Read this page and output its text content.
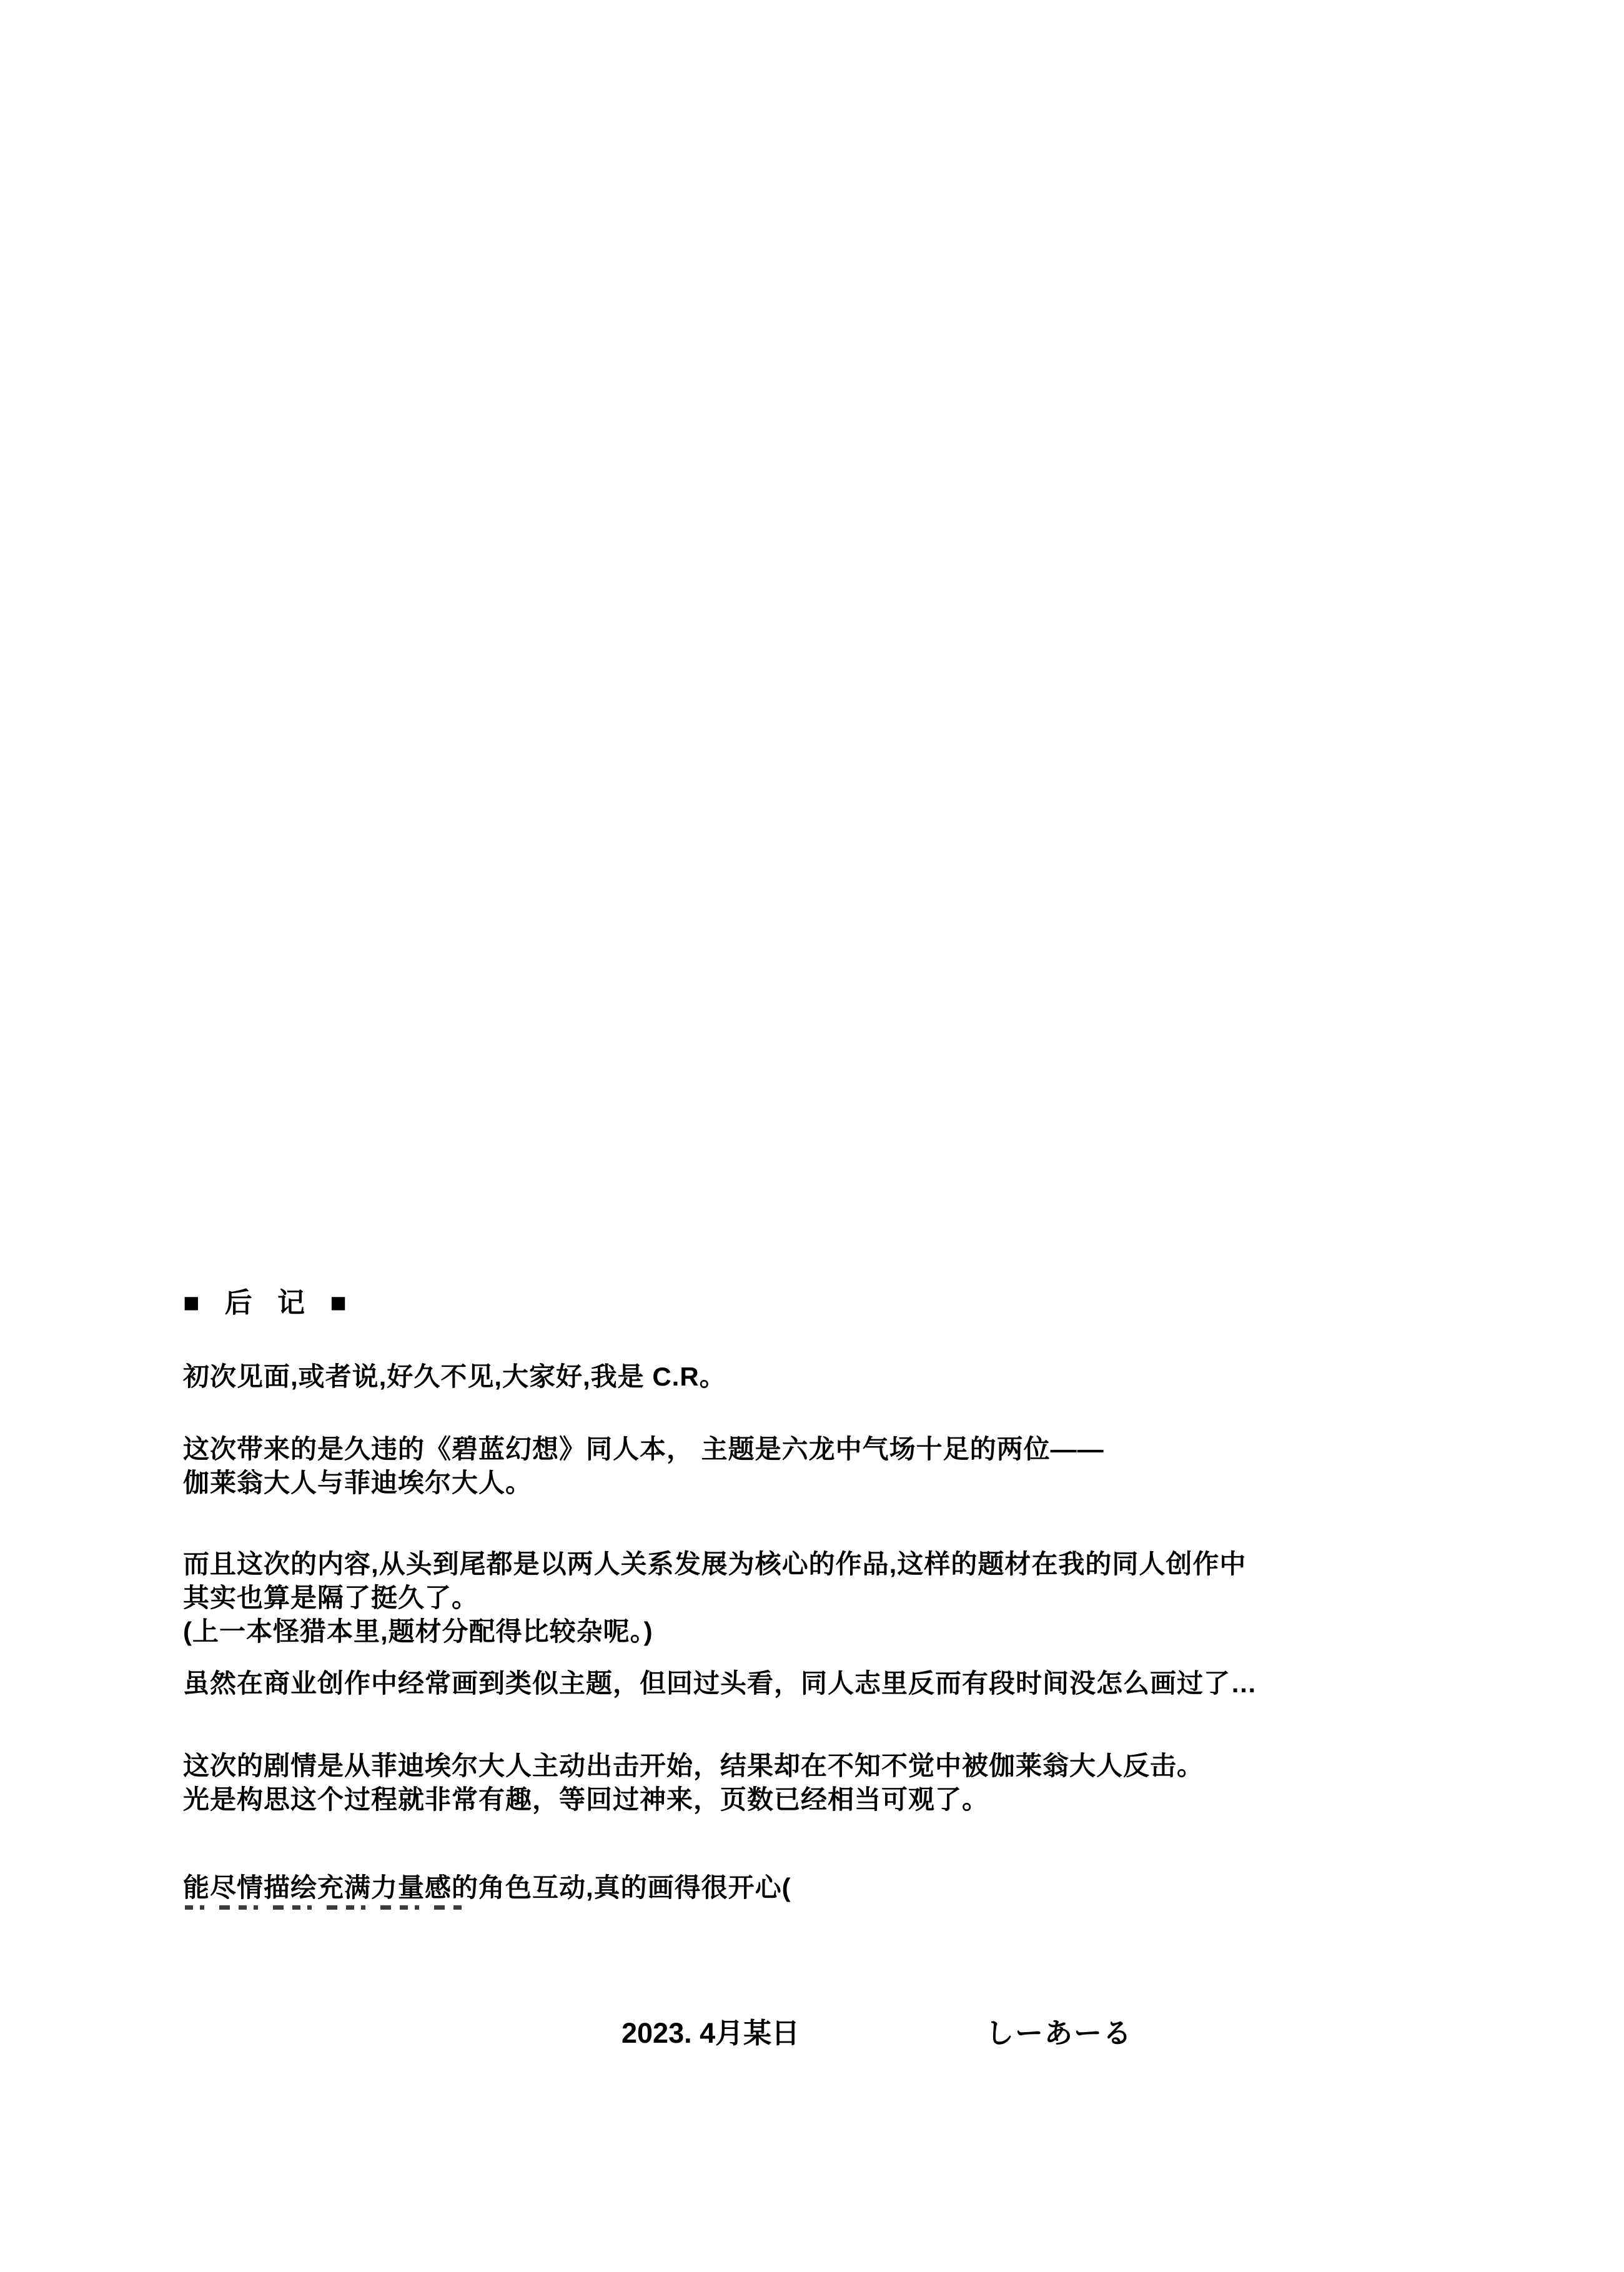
■ 后 记 ■
初次见面,或者说,好久不见,大家好,我是 C.R。
这次带来的是久违的《碧蓝幻想》同人本， 主题是六龙中气场十足的两位——
伽莱翁大人与菲迪埃尔大人。
而且这次的内容,从头到尾都是以两人关系发展为核心的作品,这样的题材在我的同人创作中
其实也算是隔了挺久了。
(上一本怪猎本里,题材分配得比较杂呢。)
虽然在商业创作中经常画到类似主题，但回过头看，同人志里反而有段时间没怎么画过了…
这次的剧情是从菲迪埃尔大人主动出击开始，结果却在不知不觉中被伽莱翁大人反击。
光是构思这个过程就非常有趣，等回过神来，页数已经相当可观了。
能尽情描绘充满力量感的角色互动,真的画得很开心(
2023. 4月某日	しーあーる
